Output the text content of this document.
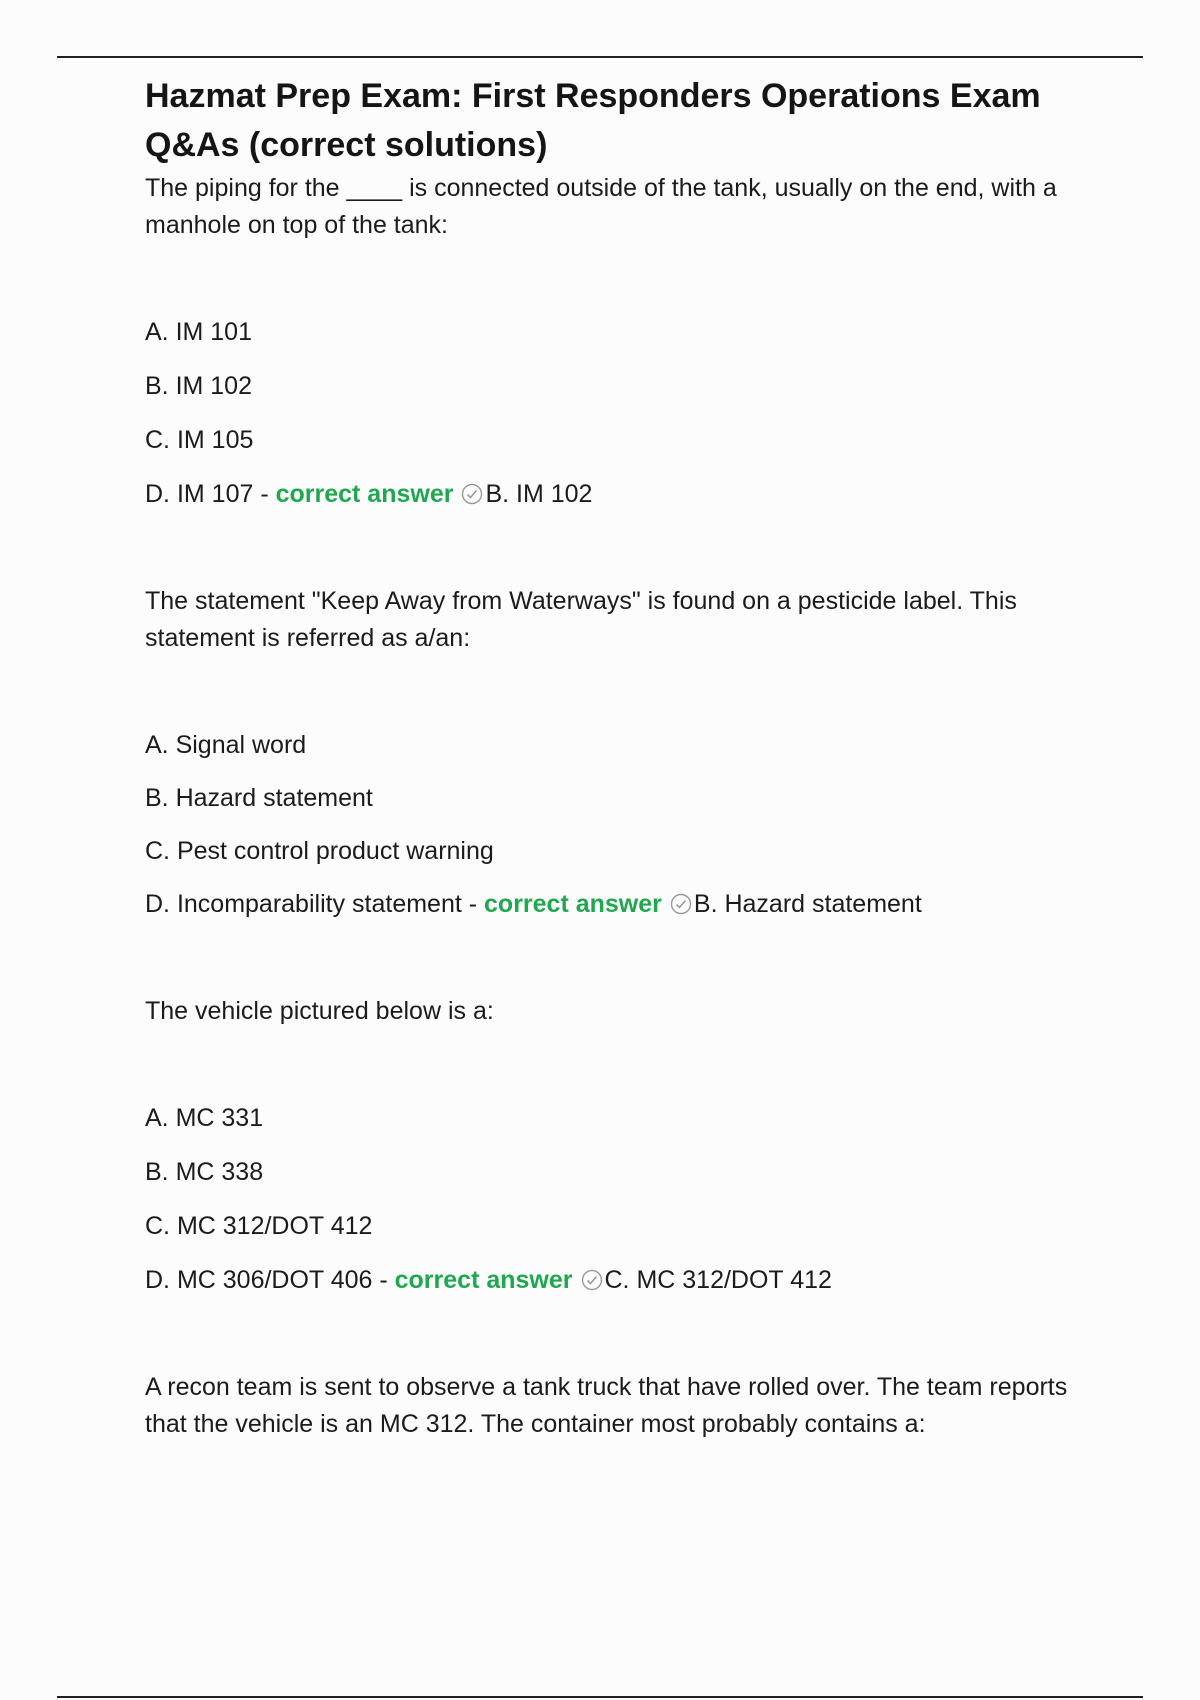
Hazmat Prep Exam: First Responders Operations Exam Q&As (correct solutions)

The piping for the ____ is connected outside of the tank, usually on the end, with a manhole on top of the tank:

A. IM 101

B. IM 102

C. IM 105

D. IM 107 - correct answer B. IM 102

The statement "Keep Away from Waterways" is found on a pesticide label. This statement is referred as a/an:

A. Signal word

B. Hazard statement

C. Pest control product warning

D. Incomparability statement - correct answer B. Hazard statement

The vehicle pictured below is a:

A. MC 331

B. MC 338

C. MC 312/DOT 412

D. MC 306/DOT 406 - correct answer C. MC 312/DOT 412

A recon team is sent to observe a tank truck that have rolled over. The team reports that the vehicle is an MC 312. The container most probably contains a:
